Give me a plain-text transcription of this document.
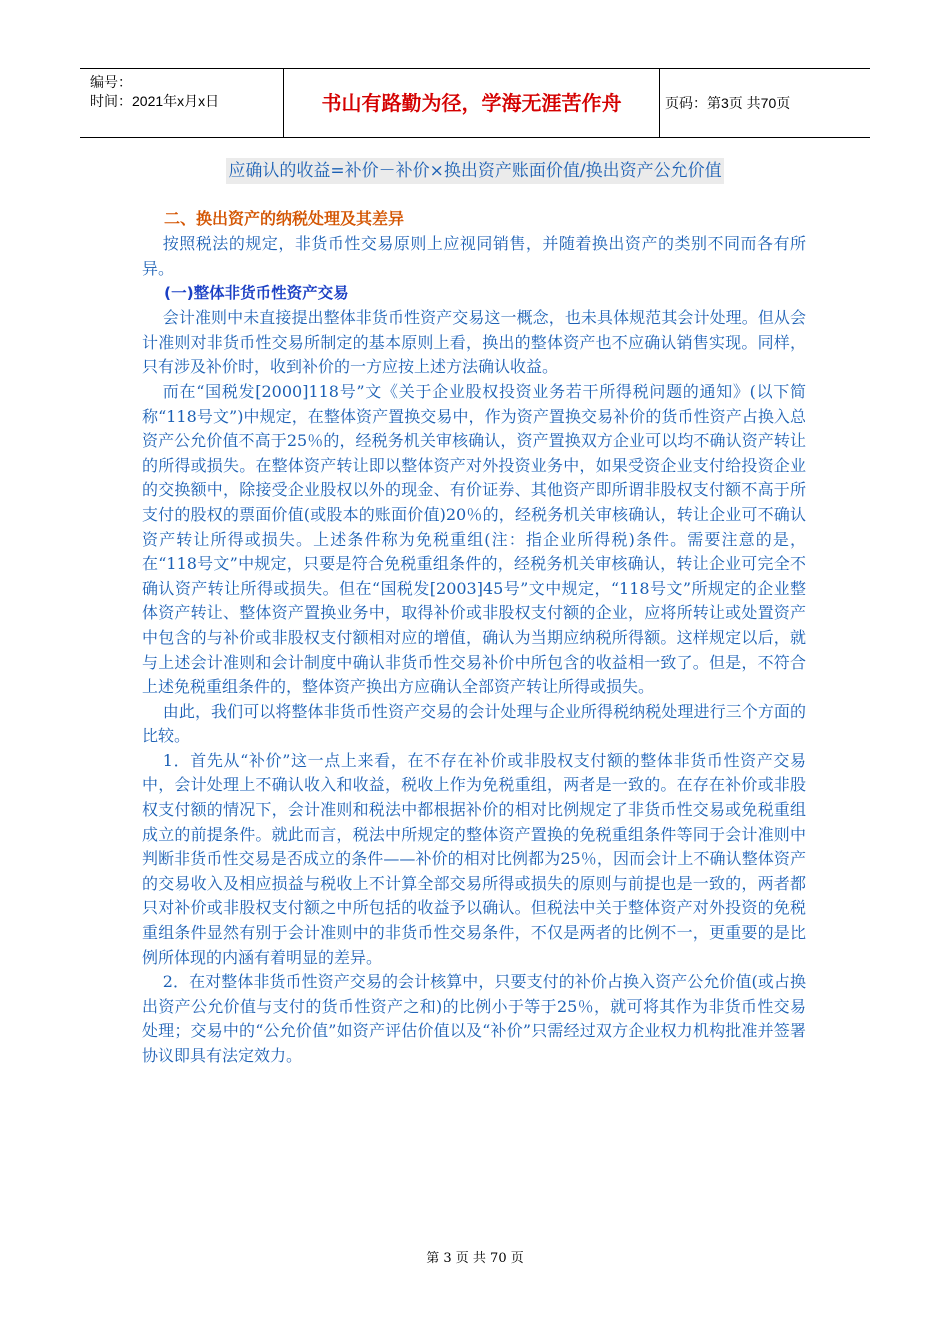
编号：
时间：2021年x月x日	书山有路勤为径，学海无涯苦作舟	页码：第3页 共70页
应确认的收益=补价－补价×换出资产账面价值/换出资产公允价值
二、换出资产的纳税处理及其差异

按照税法的规定，非货币性交易原则上应视同销售，并随着换出资产的类别不同而各有所异。

(一)整体非货币性资产交易

会计准则中未直接提出整体非货币性资产交易这一概念，也未具体规范其会计处理。但从会计准则对非货币性交易所制定的基本原则上看，换出的整体资产也不应确认销售实现。同样，只有涉及补价时，收到补价的一方应按上述方法确认收益。

而在“国税发[2000]118号”文《关于企业股权投资业务若干所得税问题的通知》(以下简称“118号文”)中规定，在整体资产置换交易中，作为资产置换交易补价的货币性资产占换入总资产公允价值不高于25％的，经税务机关审核确认，资产置换双方企业可以均不确认资产转让的所得或损失。在整体资产转让即以整体资产对外投资业务中，如果受资企业支付给投资企业的交换额中，除接受企业股权以外的现金、有价证券、其他资产即所谓非股权支付额不高于所支付的股权的票面价值(或股本的账面价值)20％的，经税务机关审核确认，转让企业可不确认资产转让所得或损失。上述条件称为免税重组(注：指企业所得税)条件。需要注意的是，在“118号文”中规定，只要是符合免税重组条件的，经税务机关审核确认，转让企业可完全不确认资产转让所得或损失。但在“国税发[2003]45号”文中规定，“118号文”所规定的企业整体资产转让、整体资产置换业务中，取得补价或非股权支付额的企业，应将所转让或处置资产中包含的与补价或非股权支付额相对应的增值，确认为当期应纳税所得额。这样规定以后，就与上述会计准则和会计制度中确认非货币性交易补价中所包含的收益相一致了。但是，不符合上述免税重组条件的，整体资产换出方应确认全部资产转让所得或损失。

由此，我们可以将整体非货币性资产交易的会计处理与企业所得税纳税处理进行三个方面的比较。

1．首先从“补价”这一点上来看，在不存在补价或非股权支付额的整体非货币性资产交易中，会计处理上不确认收入和收益，税收上作为免税重组，两者是一致的。在存在补价或非股权支付额的情况下，会计准则和税法中都根据补价的相对比例规定了非货币性交易或免税重组成立的前提条件。就此而言，税法中所规定的整体资产置换的免税重组条件等同于会计准则中判断非货币性交易是否成立的条件——补价的相对比例都为25％，因而会计上不确认整体资产的交易收入及相应损益与税收上不计算全部交易所得或损失的原则与前提也是一致的，两者都只对补价或非股权支付额之中所包括的收益予以确认。但税法中关于整体资产对外投资的免税重组条件显然有别于会计准则中的非货币性交易条件，不仅是两者的比例不一，更重要的是比例所体现的内涵有着明显的差异。

2．在对整体非货币性资产交易的会计核算中，只要支付的补价占换入资产公允价值(或占换出资产公允价值与支付的货币性资产之和)的比例小于等于25％，就可将其作为非货币性交易处理；交易中的“公允价值”如资产评估价值以及“补价”只需经过双方企业权力机构批准并签署协议即具有法定效力。

第 3 页 共 70 页
